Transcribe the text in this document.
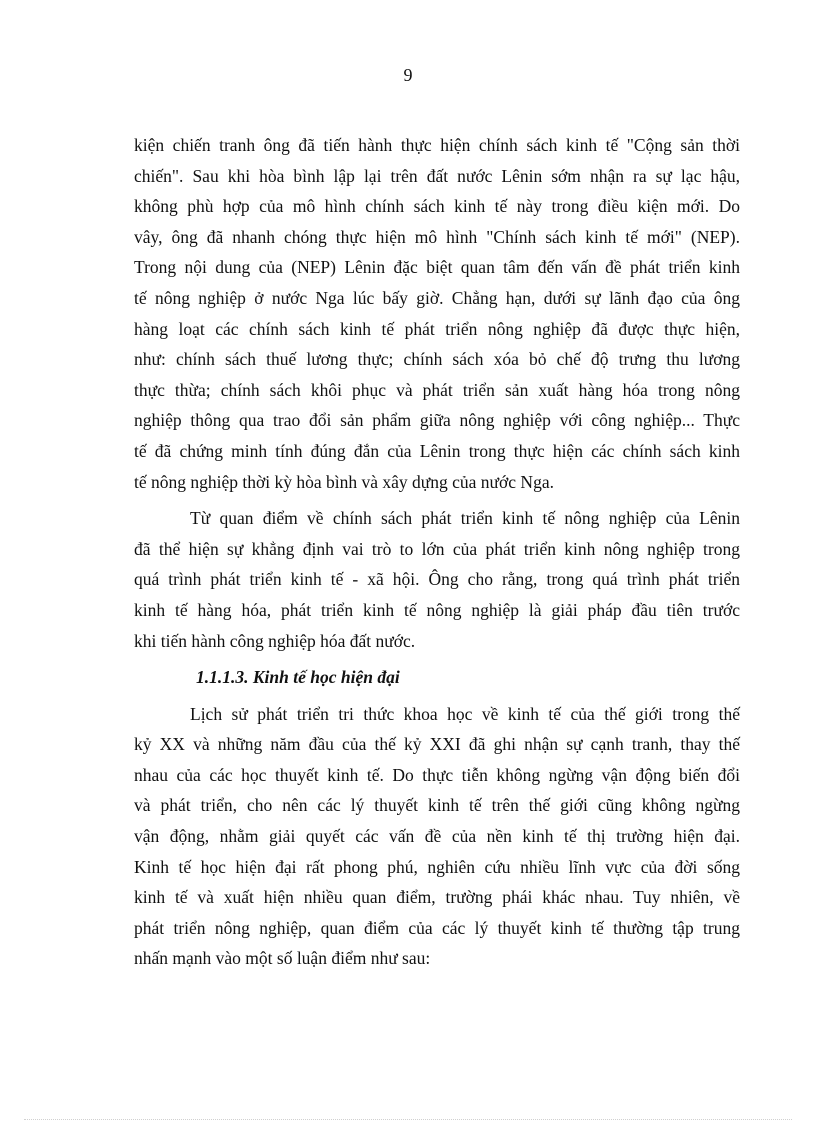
9
kiện chiến tranh ông đã tiến hành thực hiện chính sách kinh tế "Cộng sản thời
chiến". Sau khi hòa bình lập lại trên đất nước Lênin sớm nhận ra sự lạc hậu,
không phù hợp của mô hình chính sách kinh tế này trong điều kiện mới. Do
vây, ông đã nhanh chóng thực hiện mô hình "Chính sách kinh tế mới" (NEP).
Trong nội dung của (NEP) Lênin đặc biệt quan tâm đến vấn đề phát triển kinh
tế nông nghiệp ở nước Nga lúc bấy giờ. Chẳng hạn, dưới sự lãnh đạo của ông
hàng loạt các chính sách kinh tế phát triển nông nghiệp đã được thực hiện,
như: chính sách thuế lương thực; chính sách xóa bỏ chế độ trưng thu lương
thực thừa; chính sách khôi phục và phát triển sản xuất hàng hóa trong nông
nghiệp thông qua trao đổi sản phẩm giữa nông nghiệp với công nghiệp... Thực
tế đã chứng minh tính đúng đắn của Lênin trong thực hiện các chính sách kinh
tế nông nghiệp thời kỳ hòa bình và xây dựng của nước Nga.
Từ quan điểm về chính sách phát triển kinh tế nông nghiệp của Lênin
đã thể hiện sự khẳng định vai trò to lớn của phát triển kinh nông nghiệp trong
quá trình phát triển kinh tế - xã hội. Ông cho rằng, trong quá trình phát triển
kinh tế hàng hóa, phát triển kinh tế nông nghiệp là giải pháp đầu tiên trước
khi tiến hành công nghiệp hóa đất nước.
1.1.1.3. Kinh tế học hiện đại
Lịch sử phát triển tri thức khoa học về kinh tế của thế giới trong thế
kỷ XX và những năm đầu của thế kỷ XXI đã ghi nhận sự cạnh tranh, thay thế
nhau của các học thuyết kinh tế. Do thực tiễn không ngừng vận động biến đổi
và phát triển, cho nên các lý thuyết kinh tế trên thế giới cũng không ngừng
vận động, nhằm giải quyết các vấn đề của nền kinh tế thị trường hiện đại.
Kinh tế học hiện đại rất phong phú, nghiên cứu nhiều lĩnh vực của đời sống
kinh tế và xuất hiện nhiều quan điểm, trường phái khác nhau. Tuy nhiên, về
phát triển nông nghiệp, quan điểm của các lý thuyết kinh tế thường tập trung
nhấn mạnh vào một số luận điểm như sau:
